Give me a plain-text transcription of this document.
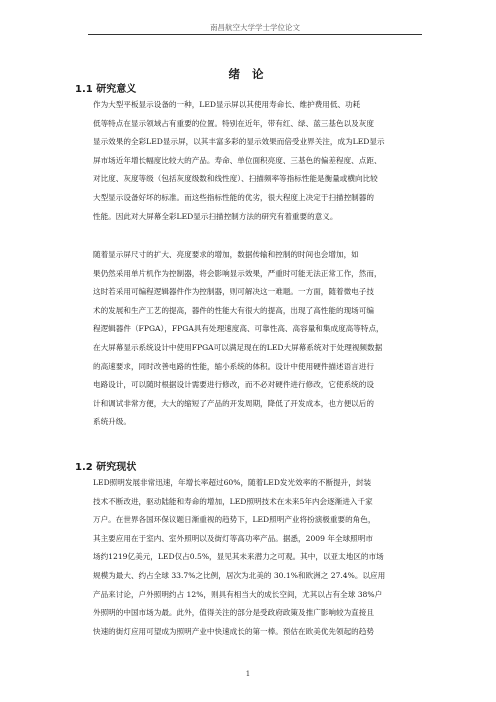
南昌航空大学学士学位论文
绪 论
1.1 研究意义
作为大型平板显示设备的一种，LED显示屏以其使用寿命长、维护费用低、功耗
低等特点在显示领域占有重要的位置。特别在近年，带有红、绿、蓝三基色以及灰度
显示效果的全彩LED显示屏，以其丰富多彩的显示效果而倍受业界关注，成为LED显示
屏市场近年增长幅度比较大的产品。寿命、单位面积亮度、三基色的偏差程度、点距、
对比度、灰度等级（包括灰度级数和线性度）、扫描频率等指标性能是衡量或横向比较
大型显示设备好坏的标准。而这些指标性能的优劣，很大程度上决定于扫描控制器的
性能。因此对大屏幕全彩LED显示扫描控制方法的研究有着重要的意义。
随着显示屏尺寸的扩大、亮度要求的增加，数据传输和控制的时间也会增加，如
果仍然采用单片机作为控制器，将会影响显示效果，严重时可能无法正常工作，然而，
这时若采用可编程逻辑器件作为控制器，则可解决这一难题。一方面，随着微电子技
术的发展和生产工艺的提高，器件的性能大有很大的提高，出现了高性能的现场可编
程逻辑器件（FPGA），FPGA具有处理速度高、可靠性高、高容量和集成度高等特点，
在大屏幕显示系统设计中使用FPGA可以满足现在的LED大屏幕系统对于处理视频数据
的高速要求，同时改善电路的性能，缩小系统的体积。设计中使用硬件描述语言进行
电路设计，可以随时根据设计需要进行修改，而不必对硬件进行修改，它使系统的设
计和调试非常方便，大大的缩短了产品的开发周期，降低了开发成本，也方便以后的
系统升级。
1.2 研究现状
LED照明发展非常迅速，年增长率超过60%，随着LED发光效率的不断提升，封装
技术不断改进，驱动陆能和寿命的增加，LED照明技术在未来5年内会逐渐进入千家
万户。在世界各国环保议题日渐重视的趋势下，LED照明产业将扮演极重要的角色，
其主要应用在于室内、室外照明以及街灯等高功率产品。据悉，2009 年全球照明市
场约1219亿美元，LED仅占0.5%，显见其未来潜力之可观。其中，以亚太地区的市场
规模为最大、约占全球 33.7%之比例，居次为北美的 30.1%和欧洲之 27.4%。以应用
产品来讨论，户外照明约占 12%，则具有相当大的成长空间，尤其以占有全球 38%户
外照明的中国市场为最。此外，值得关注的部分是受政府政策及推广影响较为直接且
快速的街灯应用可望成为照明产业中快速成长的第一棒。预估在欧美优先领起的趋势
1
